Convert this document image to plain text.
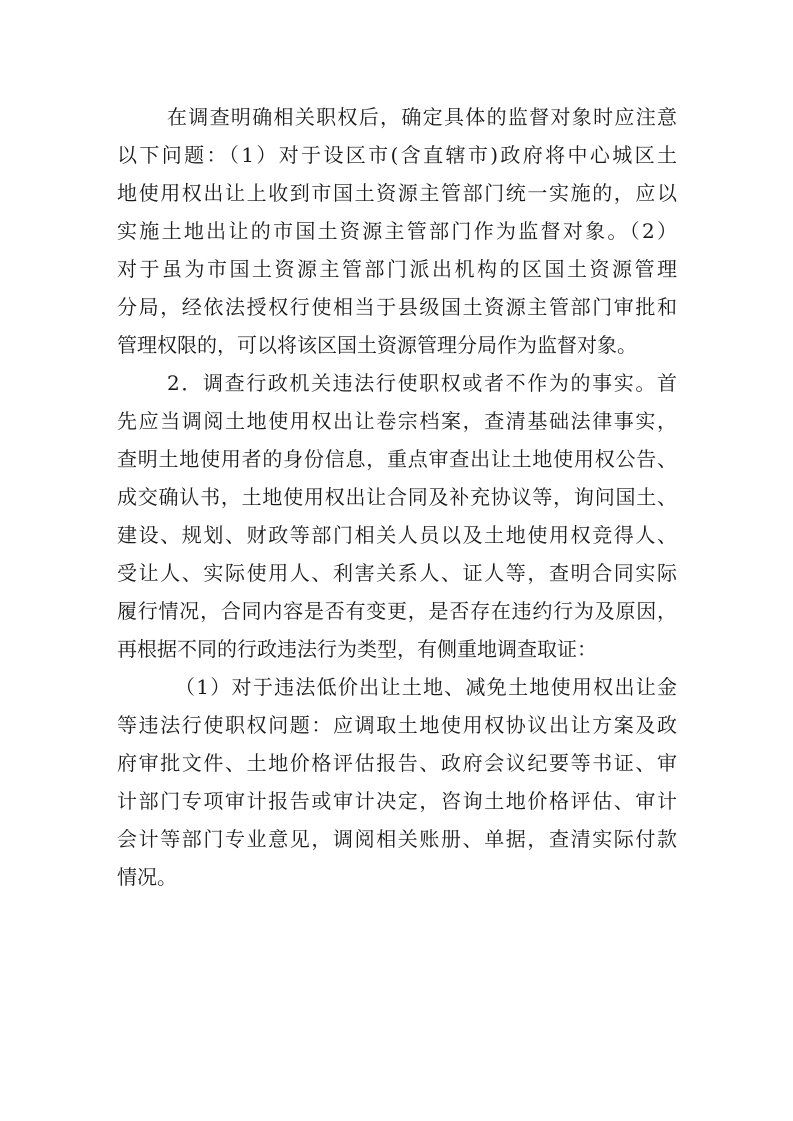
在调查明确相关职权后，确定具体的监督对象时应注意
以下问题：（1）对于设区市(含直辖市)政府将中心城区土
地使用权出让上收到市国土资源主管部门统一实施的，应以
实施土地出让的市国土资源主管部门作为监督对象。（2）
对于虽为市国土资源主管部门派出机构的区国土资源管理
分局，经依法授权行使相当于县级国土资源主管部门审批和
管理权限的，可以将该区国土资源管理分局作为监督对象。
2．调查行政机关违法行使职权或者不作为的事实。首
先应当调阅土地使用权出让卷宗档案，查清基础法律事实，
查明土地使用者的身份信息，重点审查出让土地使用权公告、
成交确认书，土地使用权出让合同及补充协议等，询问国土、
建设、规划、财政等部门相关人员以及土地使用权竞得人、
受让人、实际使用人、利害关系人、证人等，查明合同实际
履行情况，合同内容是否有变更，是否存在违约行为及原因，
再根据不同的行政违法行为类型，有侧重地调查取证：
（1）对于违法低价出让土地、减免土地使用权出让金
等违法行使职权问题：应调取土地使用权协议出让方案及政
府审批文件、土地价格评估报告、政府会议纪要等书证、审
计部门专项审计报告或审计决定，咨询土地价格评估、审计
会计等部门专业意见，调阅相关账册、单据，查清实际付款
情况。
